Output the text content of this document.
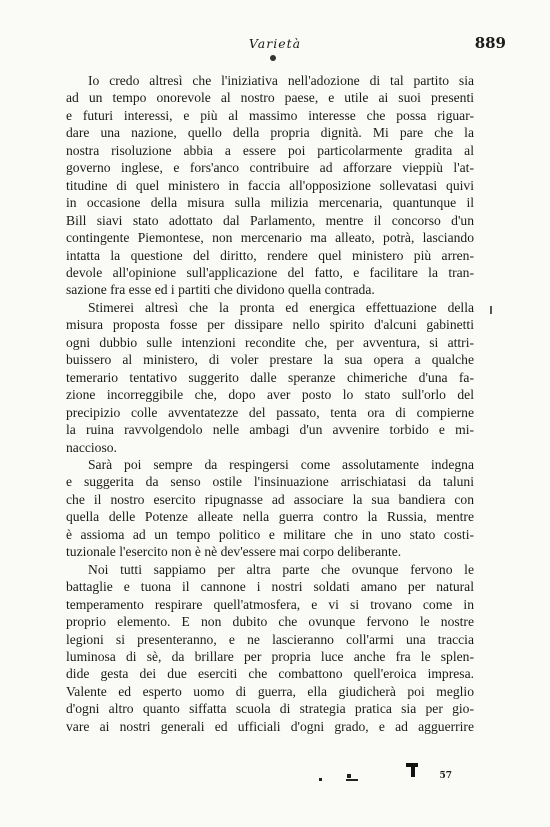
Varietà	889
Io credo altresì che l'iniziativa nell'adozione di tal partito sia
ad un tempo onorevole al nostro paese, e utile ai suoi presenti
e futuri interessi, e più al massimo interesse che possa riguar-
dare una nazione, quello della propria dignità. Mi pare che la
nostra risoluzione abbia a essere poi particolarmente gradita al
governo inglese, e fors'anco contribuire ad afforzare vieppiù l'at-
titudine di quel ministero in faccia all'opposizione sollevatasi quivi
in occasione della misura sulla milizia mercenaria, quantunque il
Bill siavi stato adottato dal Parlamento, mentre il concorso d'un
contingente Piemontese, non mercenario ma alleato, potrà, lasciando
intatta la questione del diritto, rendere quel ministero più arren-
devole all'opinione sull'applicazione del fatto, e facilitare la tran-
sazione fra esse ed i partiti che dividono quella contrada.
Stimerei altresì che la pronta ed energica effettuazione della
misura proposta fosse per dissipare nello spirito d'alcuni gabinetti
ogni dubbio sulle intenzioni recondite che, per avventura, si attri-
buissero al ministero, di voler prestare la sua opera a qualche
temerario tentativo suggerito dalle speranze chimeriche d'una fa-
zione incorreggibile che, dopo aver posto lo stato sull'orlo del
precipizio colle avventatezze del passato, tenta ora di compierne
la ruina ravvolgendolo nelle ambagi d'un avvenire torbido e mi-
naccioso.
Sarà poi sempre da respingersi come assolutamente indegna
e suggerita da senso ostile l'insinuazione arrischiatasi da taluni
che il nostro esercito ripugnasse ad associare la sua bandiera con
quella delle Potenze alleate nella guerra contro la Russia, mentre
è assioma ad un tempo politico e militare che in uno stato costi-
tuzionale l'esercito non è nè dev'essere mai corpo deliberante.
Noi tutti sappiamo per altra parte che ovunque fervono le
battaglie e tuona il cannone i nostri soldati amano per natural
temperamento respirare quell'atmosfera, e vi si trovano come in
proprio elemento. E non dubito che ovunque fervono le nostre
legioni si presenteranno, e ne lascieranno coll'armi una traccia
luminosa di sè, da brillare per propria luce anche fra le splen-
dide gesta dei due eserciti che combattono quell'eroica impresa.
Valente ed esperto uomo di guerra, ella giudicherà poi meglio
d'ogni altro quanto siffatta scuola di strategia pratica sia per gio-
vare ai nostri generali ed ufficiali d'ogni grado, e ad agguerrire
57
